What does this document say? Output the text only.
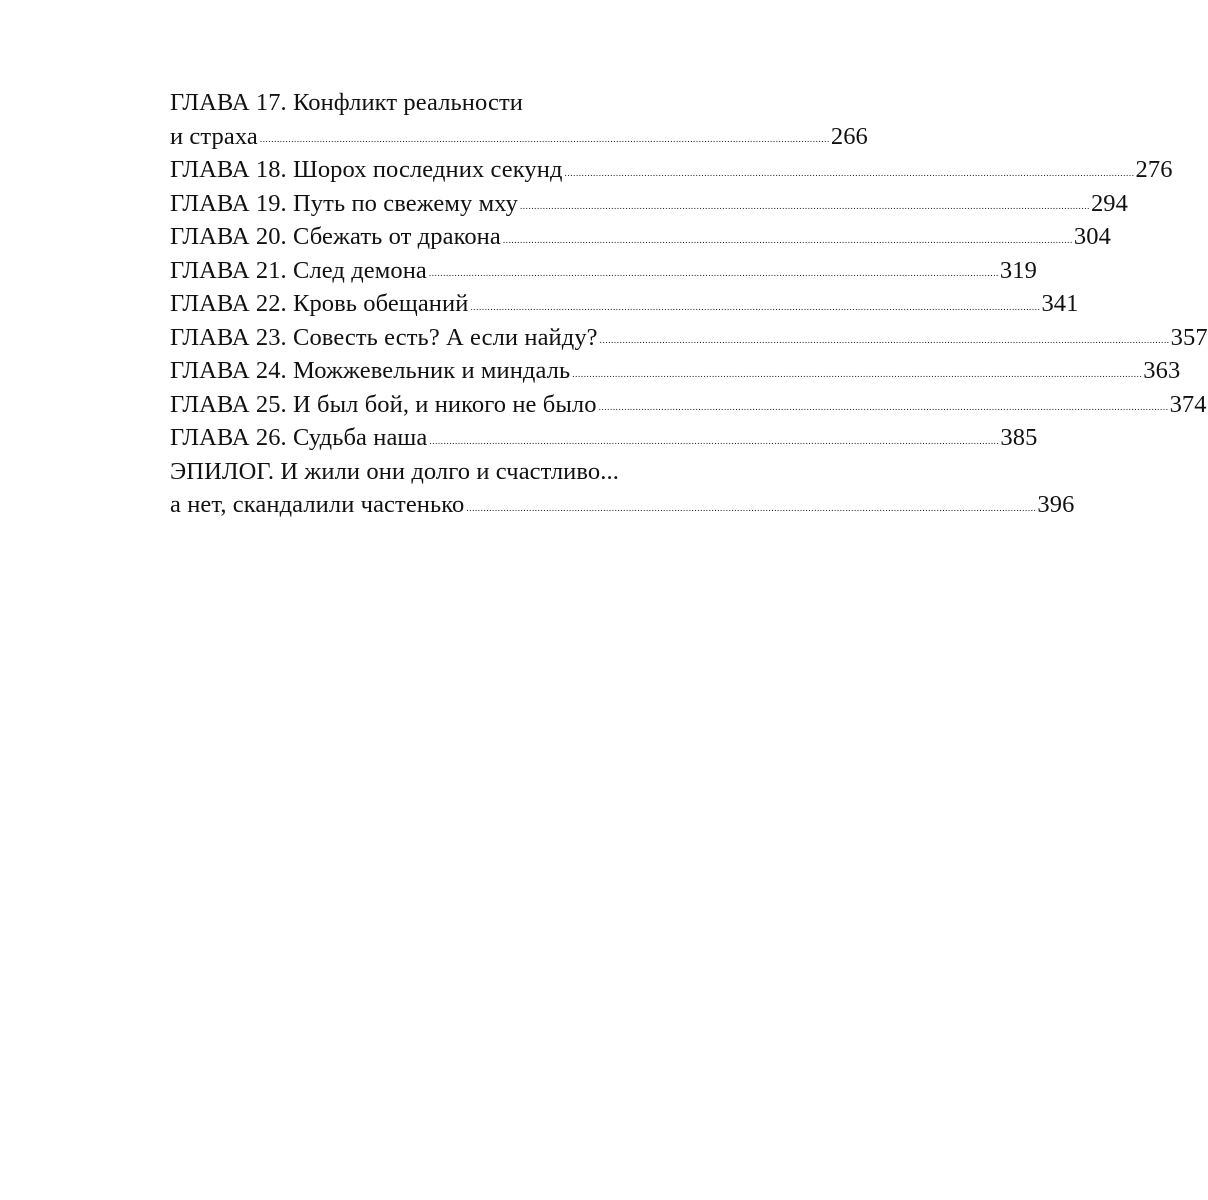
ГЛАВА 17. Конфликт реальности
и страха ........................................................................................................................................................................................................ 266
ГЛАВА 18. Шорох последних секунд ........................................................................................................................................................................................................ 276
ГЛАВА 19. Путь по свежему мху ........................................................................................................................................................................................................ 294
ГЛАВА 20. Сбежать от дракона ........................................................................................................................................................................................................ 304
ГЛАВА 21. След демона ........................................................................................................................................................................................................ 319
ГЛАВА 22. Кровь обещаний ........................................................................................................................................................................................................ 341
ГЛАВА 23. Совесть есть? А если найду? ........................................................................................................................................................................................................ 357
ГЛАВА 24. Можжевельник и миндаль ........................................................................................................................................................................................................ 363
ГЛАВА 25. И был бой, и никого не было ........................................................................................................................................................................................................ 374
ГЛАВА 26. Судьба наша ........................................................................................................................................................................................................ 385
ЭПИЛОГ. И жили они долго и счастливо...
а нет, скандалили частенько ........................................................................................................................................................................................................ 396
